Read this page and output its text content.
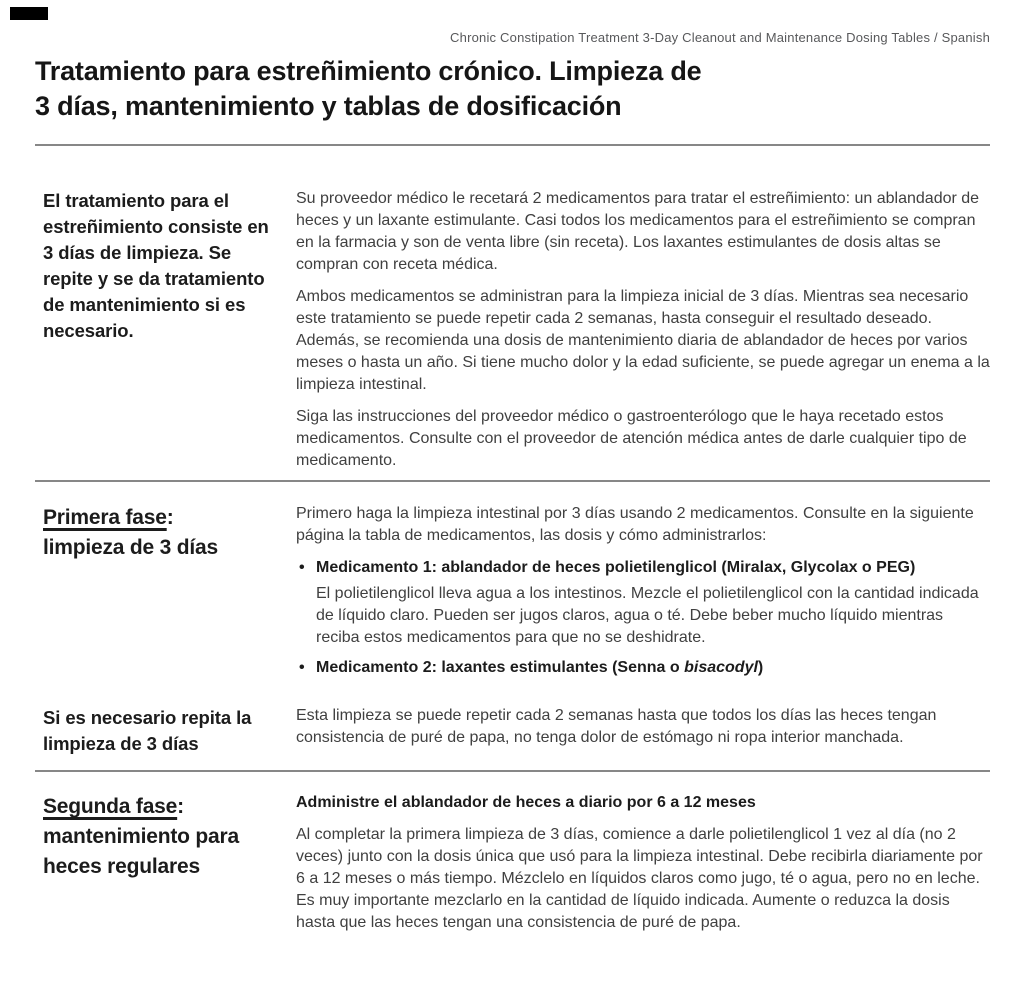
Chronic Constipation Treatment 3-Day Cleanout and Maintenance Dosing Tables / Spanish
Tratamiento para estreñimiento crónico. Limpieza de
3 días, mantenimiento y tablas de dosificación
El tratamiento para el estreñimiento consiste en 3 días de limpieza. Se repite y se da tratamiento de mantenimiento si es necesario.

Su proveedor médico le recetará 2 medicamentos para tratar el estreñimiento: un ablandador de heces y un laxante estimulante. Casi todos los medicamentos para el estreñimiento se compran en la farmacia y son de venta libre (sin receta). Los laxantes estimulantes de dosis altas se compran con receta médica.

Ambos medicamentos se administran para la limpieza inicial de 3 días. Mientras sea necesario este tratamiento se puede repetir cada 2 semanas, hasta conseguir el resultado deseado. Además, se recomienda una dosis de mantenimiento diaria de ablandador de heces por varios meses o hasta un año. Si tiene mucho dolor y la edad suficiente, se puede agregar un enema a la limpieza intestinal.

Siga las instrucciones del proveedor médico o gastroenterólogo que le haya recetado estos medicamentos. Consulte con el proveedor de atención médica antes de darle cualquier tipo de medicamento.

Primera fase:
limpieza de 3 días

Primero haga la limpieza intestinal por 3 días usando 2 medicamentos. Consulte en la siguiente página la tabla de medicamentos, las dosis y cómo administrarlos:

• Medicamento 1: ablandador de heces polietilenglicol (Miralax, Glycolax o PEG)
El polietilenglicol lleva agua a los intestinos. Mezcle el polietilenglicol con la cantidad indicada de líquido claro. Pueden ser jugos claros, agua o té. Debe beber mucho líquido mientras reciba estos medicamentos para que no se deshidrate.
• Medicamento 2: laxantes estimulantes (Senna o bisacodyl)
Si es necesario repita la limpieza de 3 días

Esta limpieza se puede repetir cada 2 semanas hasta que todos los días las heces tengan consistencia de puré de papa, no tenga dolor de estómago ni ropa interior manchada.

Segunda fase:
mantenimiento para heces regulares

Administre el ablandador de heces a diario por 6 a 12 meses

Al completar la primera limpieza de 3 días, comience a darle polietilenglicol 1 vez al día (no 2 veces) junto con la dosis única que usó para la limpieza intestinal. Debe recibirla diariamente por 6 a 12 meses o más tiempo. Mézclelo en líquidos claros como jugo, té o agua, pero no en leche. Es muy importante mezclarlo en la cantidad de líquido indicada. Aumente o reduzca la dosis hasta que las heces tengan una consistencia de puré de papa.
